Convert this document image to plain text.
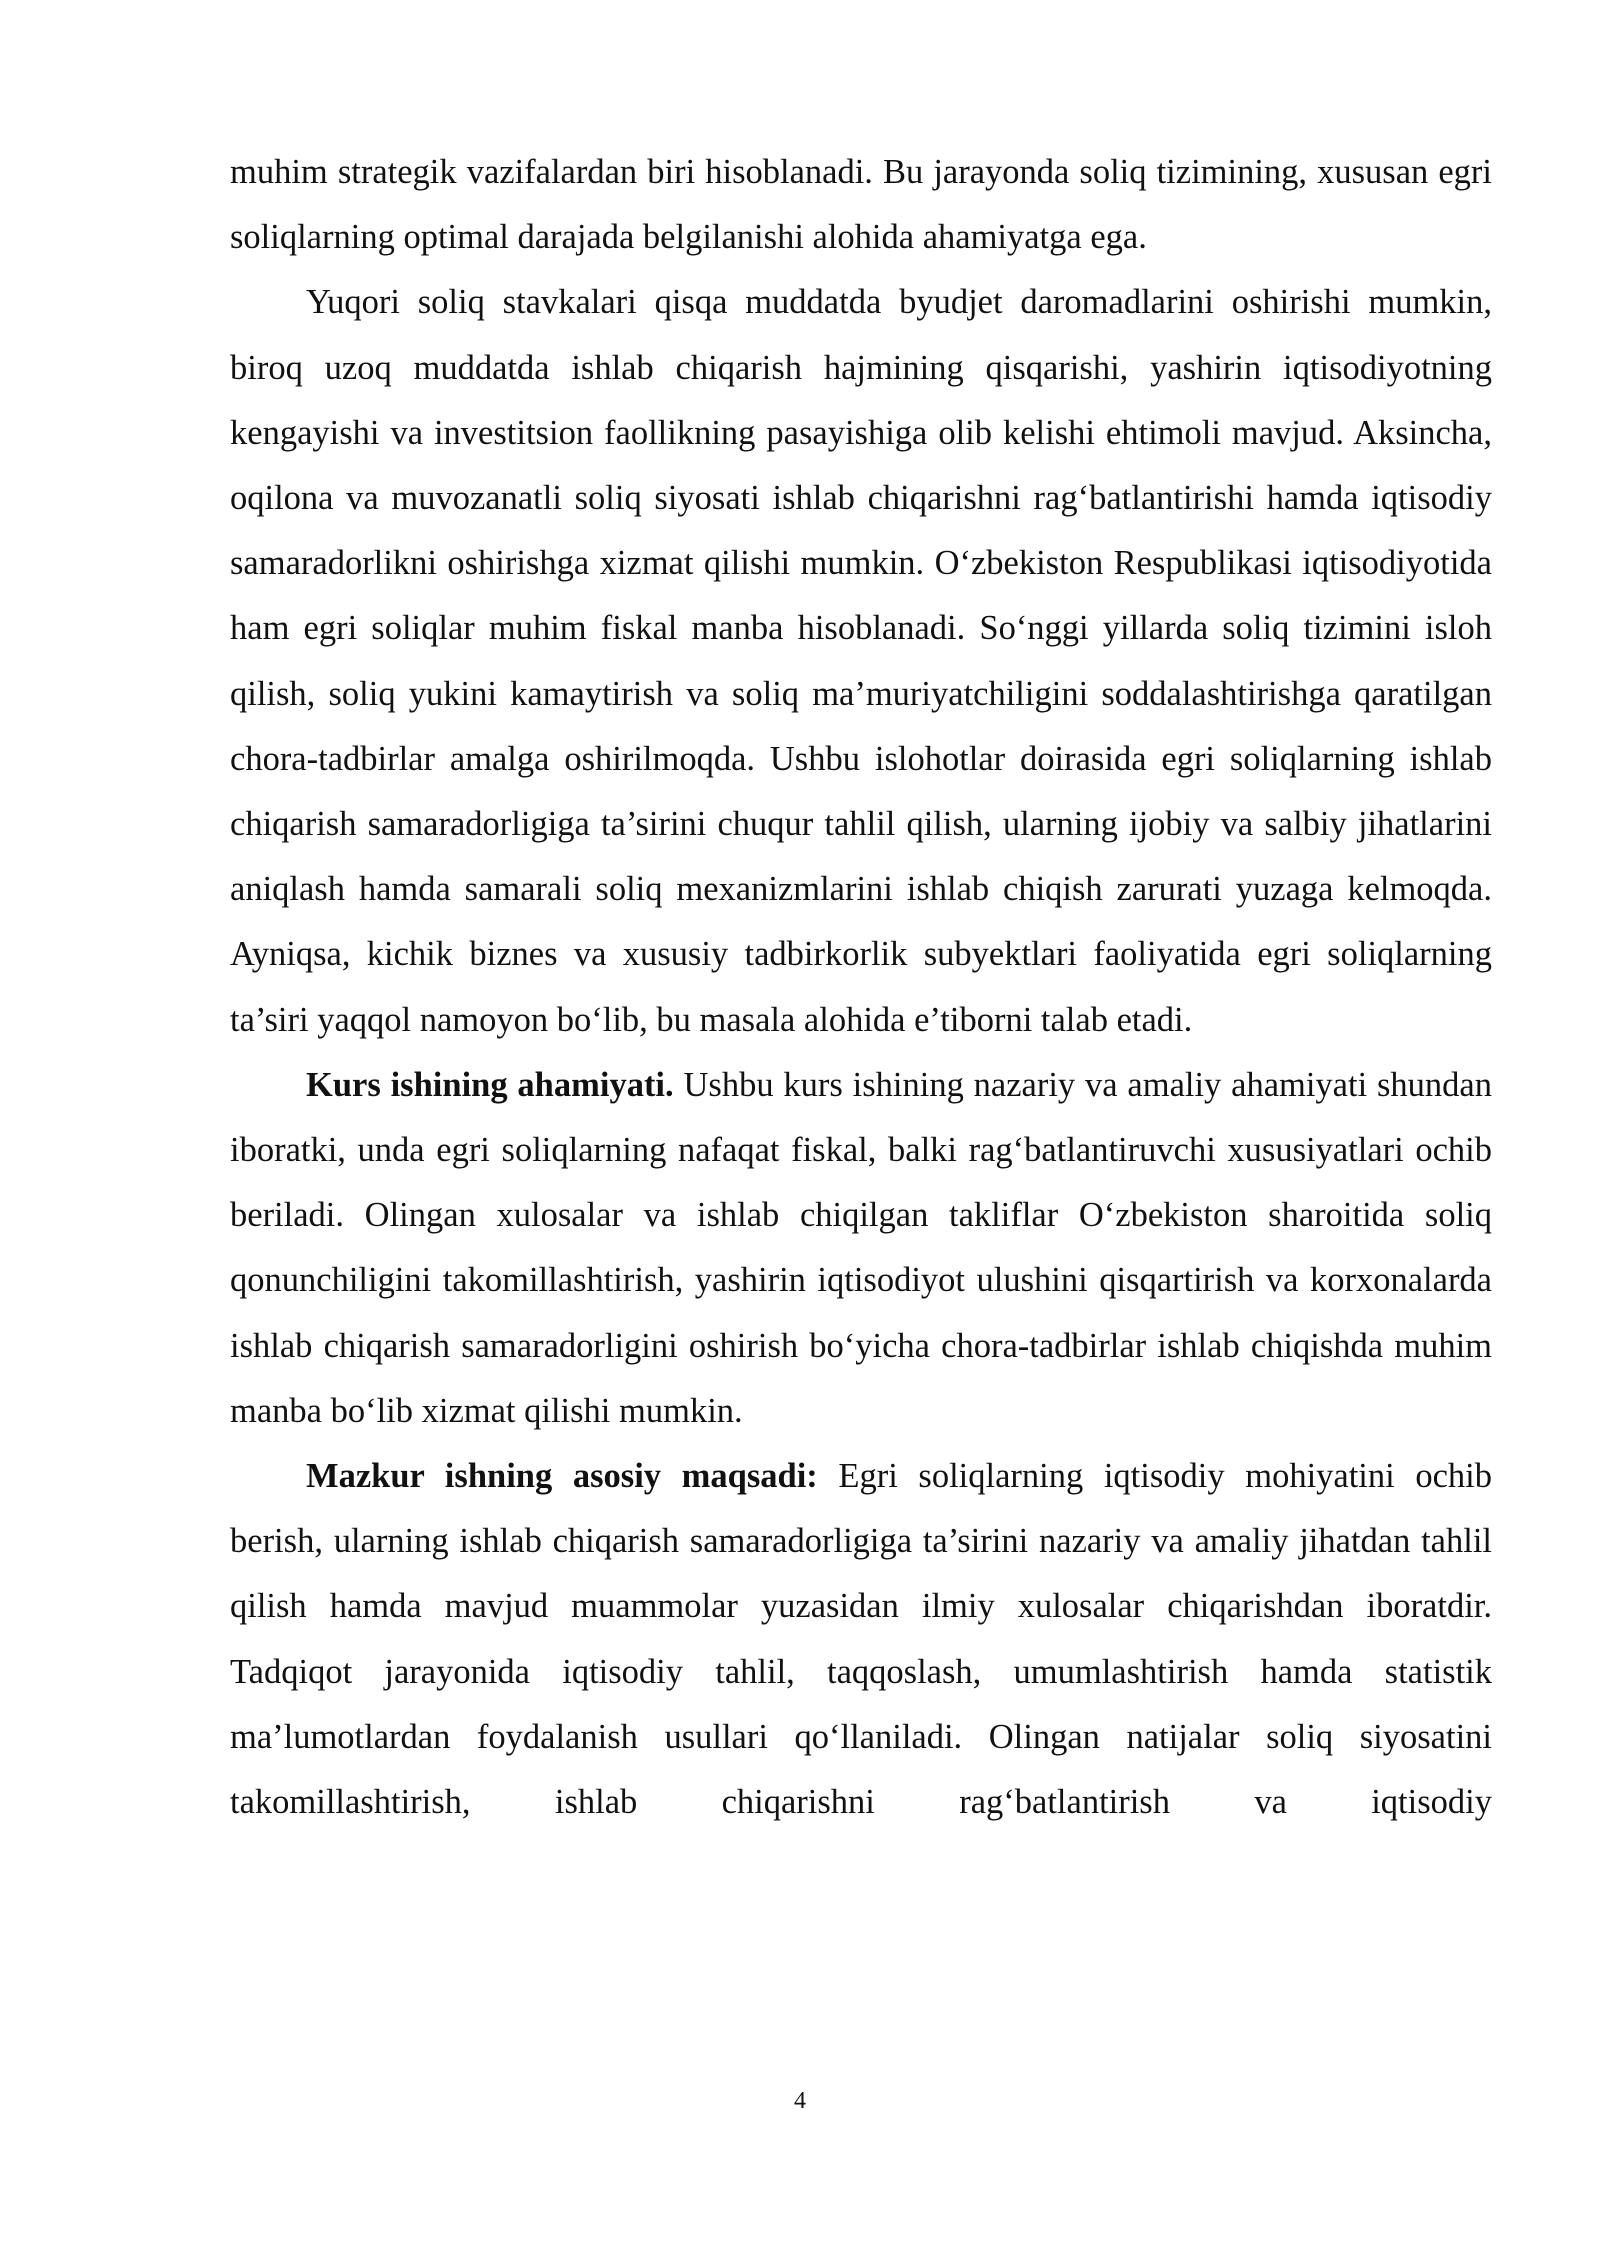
muhim strategik vazifalardan biri hisoblanadi. Bu jarayonda soliq tizimining, xususan egri soliqlarning optimal darajada belgilanishi alohida ahamiyatga ega.

Yuqori soliq stavkalari qisqa muddatda byudjet daromadlarini oshirishi mumkin, biroq uzoq muddatda ishlab chiqarish hajmining qisqarishi, yashirin iqtisodiyotning kengayishi va investitsion faollikning pasayishiga olib kelishi ehtimoli mavjud. Aksincha, oqilona va muvozanatli soliq siyosati ishlab chiqarishni rag‘batlantirishi hamda iqtisodiy samaradorlikni oshirishga xizmat qilishi mumkin. O‘zbekiston Respublikasi iqtisodiyotida ham egri soliqlar muhim fiskal manba hisoblanadi. So‘nggi yillarda soliq tizimini isloh qilish, soliq yukini kamaytirish va soliq ma’muriyatchiligini soddalashtirishga qaratilgan chora-tadbirlar amalga oshirilmoqda. Ushbu islohotlar doirasida egri soliqlarning ishlab chiqarish samaradorligiga ta’sirini chuqur tahlil qilish, ularning ijobiy va salbiy jihatlarini aniqlash hamda samarali soliq mexanizmlarini ishlab chiqish zarurati yuzaga kelmoqda. Ayniqsa, kichik biznes va xususiy tadbirkorlik subyektlari faoliyatida egri soliqlarning ta’siri yaqqol namoyon bo‘lib, bu masala alohida e’tiborni talab etadi.

Kurs ishining ahamiyati. Ushbu kurs ishining nazariy va amaliy ahamiyati shundan iboratki, unda egri soliqlarning nafaqat fiskal, balki rag‘batlantiruvchi xususiyatlari ochib beriladi. Olingan xulosalar va ishlab chiqilgan takliflar O‘zbekiston sharoitida soliq qonunchiligini takomillashtirish, yashirin iqtisodiyot ulushini qisqartirish va korxonalarda ishlab chiqarish samaradorligini oshirish bo‘yicha chora-tadbirlar ishlab chiqishda muhim manba bo‘lib xizmat qilishi mumkin.

Mazkur ishning asosiy maqsadi: Egri soliqlarning iqtisodiy mohiyatini ochib berish, ularning ishlab chiqarish samaradorligiga ta’sirini nazariy va amaliy jihatdan tahlil qilish hamda mavjud muammolar yuzasidan ilmiy xulosalar chiqarishdan iboratdir. Tadqiqot jarayonida iqtisodiy tahlil, taqqoslash, umumlashtirish hamda statistik ma’lumotlardan foydalanish usullari qo‘llaniladi. Olingan natijalar soliq siyosatini takomillashtirish, ishlab chiqarishni rag‘batlantirish va iqtisodiy

4
